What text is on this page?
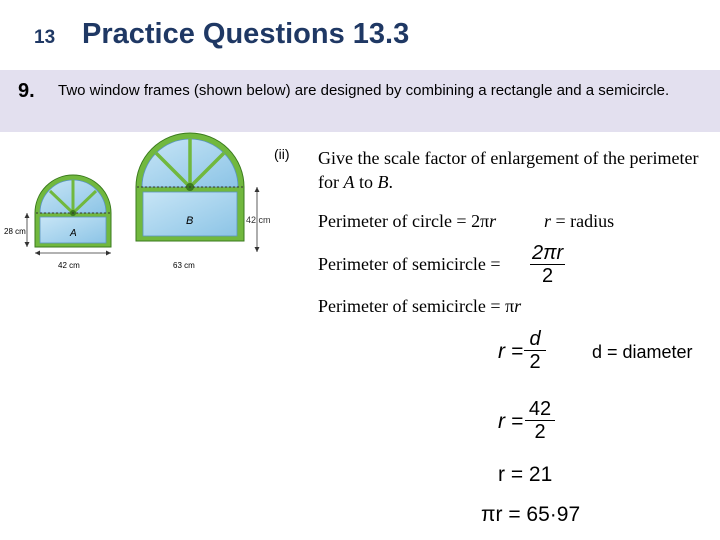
13 Practice Questions 13.3
9. Two window frames (shown below) are designed by combining a rectangle and a semicircle.
A
28 cm
42 cm
B	42 cm
63 cm
(ii) Give the scale factor of enlargement of the perimeter for A to B.
Perimeter of circle = 2πr	r = radius
Perimeter of semicircle = $\frac{2\pi r}{2}$
Perimeter of semicircle = πr
$r = \frac{d}{2}$	d = diameter
$r = \frac{42}{2}$
r = 21
πr = 65·97
